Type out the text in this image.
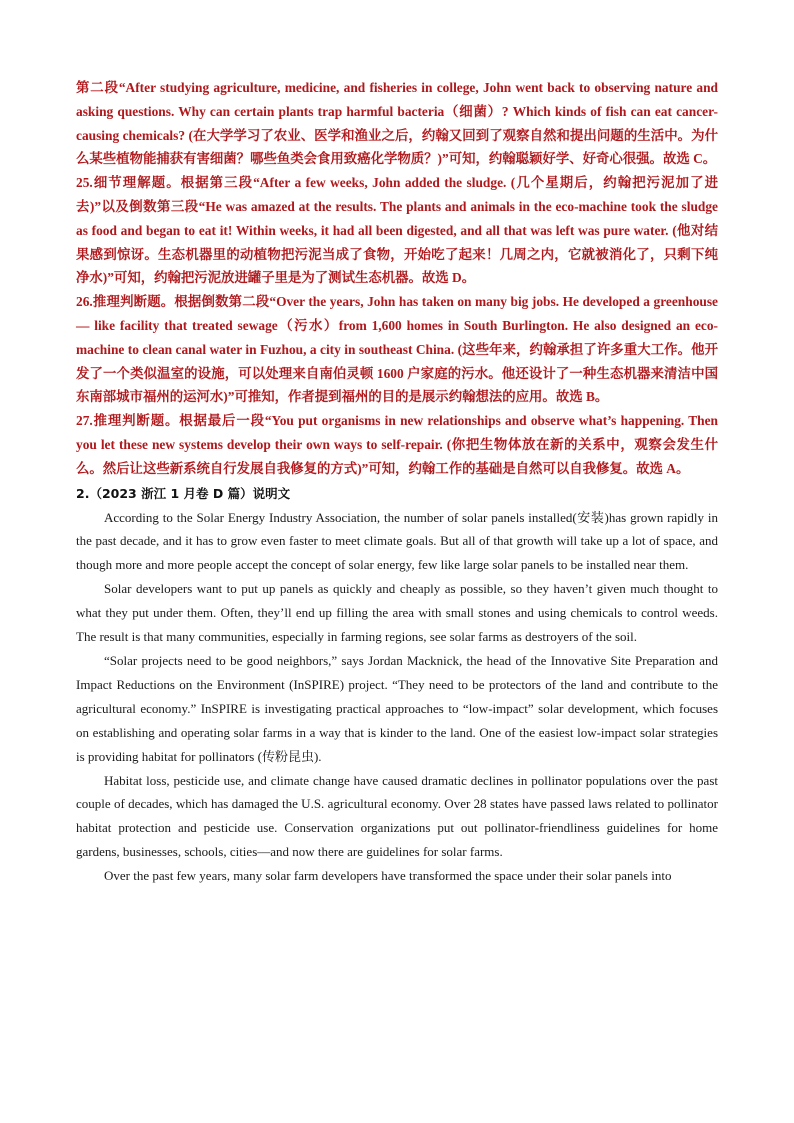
第二段“After studying agriculture, medicine, and fisheries in college, John went back to observing nature and asking questions. Why can certain plants trap harmful bacteria（细菌）? Which kinds of fish can eat cancer-causing chemicals? (在大学学习了农业、医学和渔业之后，约翰又回到了观察自然和提出问题的生活中。为什么某些植物能捕获有害细菌？哪些鱼类会食用致癌化学物质？)”可知，约翰聪颖好学、好奇心很强。故选 C。

25.细节理解题。根据第三段“After a few weeks, John added the sludge. (几个星期后，约翰把污泥加了进去)”以及倒数第三段“He was amazed at the results. The plants and animals in the eco-machine took the sludge as food and began to eat it! Within weeks, it had all been digested, and all that was left was pure water. (他对结果感到惊讶。生态机器里的动植物把污泥当成了食物，开始吃了起来！几周之内，它就被消化了，只剩下纯净水)”可知，约翰把污泥放进罐子里是为了测试生态机器。故选 D。

26.推理判断题。根据倒数第二段“Over the years, John has taken on many big jobs. He developed a greenhouse — like facility that treated sewage（污水）from 1,600 homes in South Burlington. He also designed an eco-machine to clean canal water in Fuzhou, a city in southeast China. (这些年来，约翰承担了许多重大工作。他开发了一个类似温室的设施，可以处理来自南伯灵顿 1600 户家庭的污水。他还设计了一种生态机器来清洁中国东南部城市福州的运河水)”可推知，作者提到福州的目的是展示约翰想法的应用。故选 B。

27.推理判断题。根据最后一段“You put organisms in new relationships and observe what’s happening. Then you let these new systems develop their own ways to self-repair. (你把生物体放在新的关系中，观察会发生什么。然后让这些新系统自行发展自我修复的方式)”可知，约翰工作的基础是自然可以自我修复。故选 A。

2.（2023 浙江 1 月卷 D 篇）说明文

According to the Solar Energy Industry Association, the number of solar panels installed(安装)has grown rapidly in the past decade, and it has to grow even faster to meet climate goals. But all of that growth will take up a lot of space, and though more and more people accept the concept of solar energy, few like large solar panels to be installed near them.

Solar developers want to put up panels as quickly and cheaply as possible, so they haven’t given much thought to what they put under them. Often, they’ll end up filling the area with small stones and using chemicals to control weeds. The result is that many communities, especially in farming regions, see solar farms as destroyers of the soil.

“Solar projects need to be good neighbors,” says Jordan Macknick, the head of the Innovative Site Preparation and Impact Reductions on the Environment (InSPIRE) project. “They need to be protectors of the land and contribute to the agricultural economy.” InSPIRE is investigating practical approaches to “low-impact” solar development, which focuses on establishing and operating solar farms in a way that is kinder to the land. One of the easiest low-impact solar strategies is providing habitat for pollinators (传粉昆虫).

Habitat loss, pesticide use, and climate change have caused dramatic declines in pollinator populations over the past couple of decades, which has damaged the U.S. agricultural economy. Over 28 states have passed laws related to pollinator habitat protection and pesticide use. Conservation organizations put out pollinator-friendliness guidelines for home gardens, businesses, schools, cities—and now there are guidelines for solar farms.

Over the past few years, many solar farm developers have transformed the space under their solar panels into
